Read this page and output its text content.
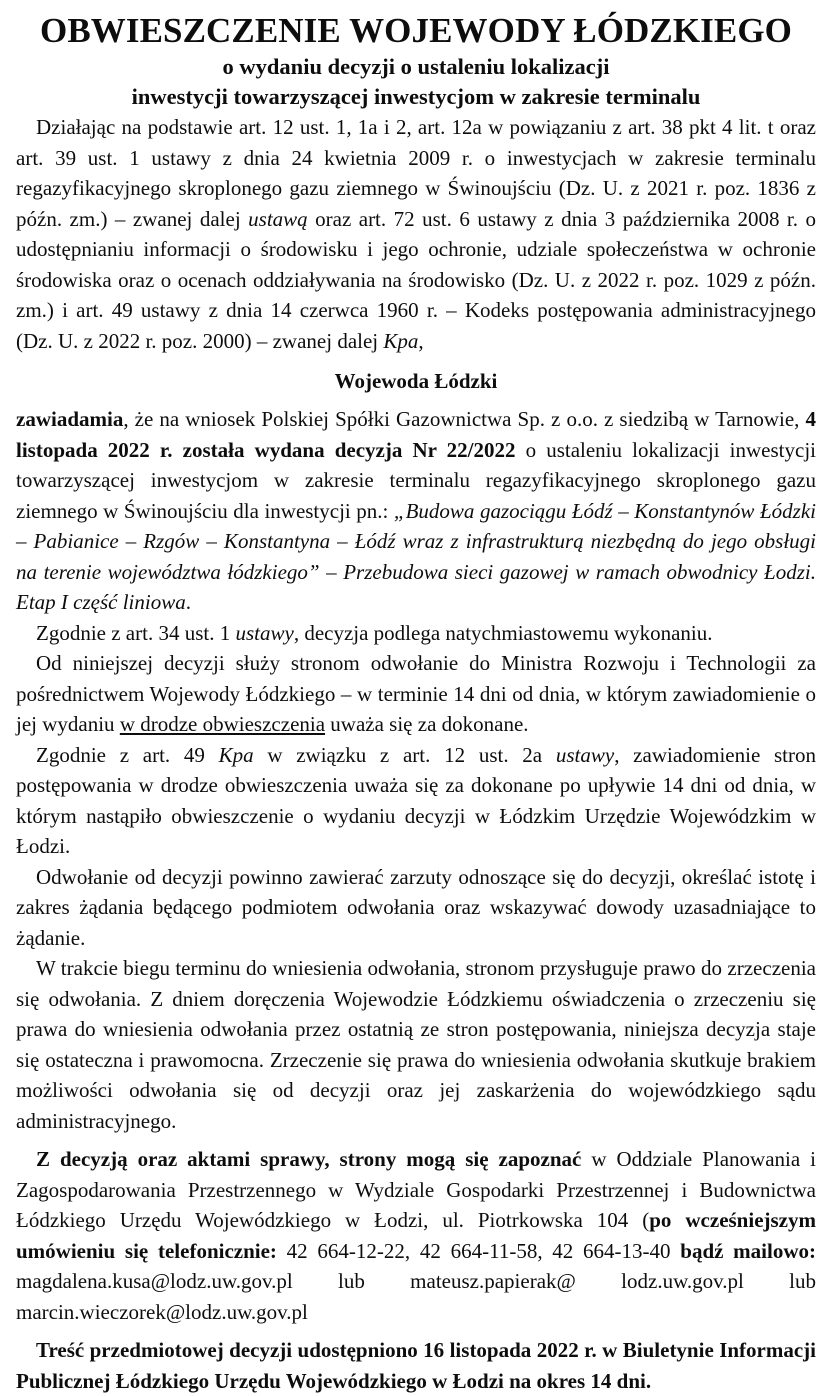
OBWIESZCZENIE WOJEWODY ŁÓDZKIEGO
o wydaniu decyzji o ustaleniu lokalizacji
inwestycji towarzyszącej inwestycjom w zakresie terminalu

Działając na podstawie art. 12 ust. 1, 1a i 2, art. 12a w powiązaniu z art. 38 pkt 4 lit. t oraz art. 39 ust. 1 ustawy z dnia 24 kwietnia 2009 r. o inwestycjach w zakresie terminalu regazyfikacyjnego skroplonego gazu ziemnego w Świnoujściu (Dz. U. z 2021 r. poz. 1836 z późn. zm.) – zwanej dalej ustawą oraz art. 72 ust. 6 ustawy z dnia 3 października 2008 r. o udostępnianiu informacji o środowisku i jego ochronie, udziale społeczeństwa w ochronie środowiska oraz o ocenach oddziaływania na środowisko (Dz. U. z 2022 r. poz. 1029 z późn. zm.) i art. 49 ustawy z dnia 14 czerwca 1960 r. – Kodeks postępowania administracyjnego (Dz. U. z 2022 r. poz. 2000) – zwanej dalej Kpa,

Wojewoda Łódzki

zawiadamia, że na wniosek Polskiej Spółki Gazownictwa Sp. z o.o. z siedzibą w Tarnowie, 4 listopada 2022 r. została wydana decyzja Nr 22/2022 o ustaleniu lokalizacji inwestycji towarzyszącej inwestycjom w zakresie terminalu regazyfikacyjnego skroplonego gazu ziemnego w Świnoujściu dla inwestycji pn.: „Budowa gazociągu Łódź – Konstantynów Łódzki – Pabianice – Rzgów – Konstantyna – Łódź wraz z infrastrukturą niezbędną do jego obsługi na terenie województwa łódzkiego” – Przebudowa sieci gazowej w ramach obwodnicy Łodzi. Etap I część liniowa.

Zgodnie z art. 34 ust. 1 ustawy, decyzja podlega natychmiastowemu wykonaniu.

Od niniejszej decyzji służy stronom odwołanie do Ministra Rozwoju i Technologii za pośrednictwem Wojewody Łódzkiego – w terminie 14 dni od dnia, w którym zawiadomienie o jej wydaniu w drodze obwieszczenia uważa się za dokonane.

Zgodnie z art. 49 Kpa w związku z art. 12 ust. 2a ustawy, zawiadomienie stron postępowania w drodze obwieszczenia uważa się za dokonane po upływie 14 dni od dnia, w którym nastąpiło obwieszczenie o wydaniu decyzji w Łódzkim Urzędzie Wojewódzkim w Łodzi.

Odwołanie od decyzji powinno zawierać zarzuty odnoszące się do decyzji, określać istotę i zakres żądania będącego podmiotem odwołania oraz wskazywać dowody uzasadniające to żądanie.

W trakcie biegu terminu do wniesienia odwołania, stronom przysługuje prawo do zrzeczenia się odwołania. Z dniem doręczenia Wojewodzie Łódzkiemu oświadczenia o zrzeczeniu się prawa do wniesienia odwołania przez ostatnią ze stron postępowania, niniejsza decyzja staje się ostateczna i prawomocna. Zrzeczenie się prawa do wniesienia odwołania skutkuje brakiem możliwości odwołania się od decyzji oraz jej zaskarżenia do wojewódzkiego sądu administracyjnego.

Z decyzją oraz aktami sprawy, strony mogą się zapoznać w Oddziale Planowania i Zagospodarowania Przestrzennego w Wydziale Gospodarki Przestrzennej i Budownictwa Łódzkiego Urzędu Wojewódzkiego w Łodzi, ul. Piotrkowska 104 (po wcześniejszym umówieniu się telefonicznie: 42 664-12-22, 42 664-11-58, 42 664-13-40 bądź mailowo: magdalena.kusa@lodz.uw.gov.pl lub mateusz.papierak@ lodz.uw.gov.pl lub marcin.wieczorek@lodz.uw.gov.pl

Treść przedmiotowej decyzji udostępniono 16 listopada 2022 r. w Biuletynie Informacji Publicznej Łódzkiego Urzędu Wojewódzkiego w Łodzi na okres 14 dni.
